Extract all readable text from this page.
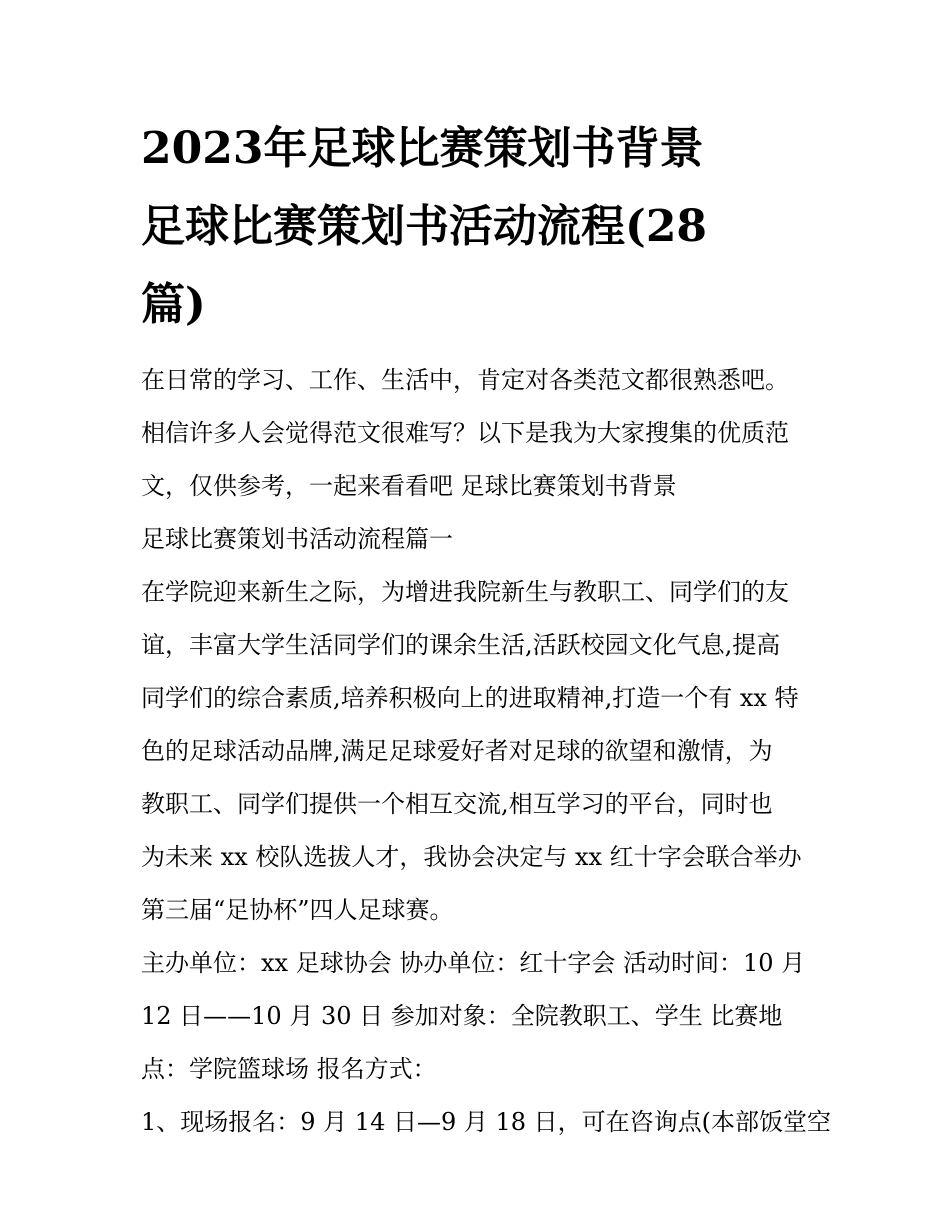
2023年足球比赛策划书背景
足球比赛策划书活动流程(28
篇)
在日常的学习、工作、生活中，肯定对各类范文都很熟悉吧。
相信许多人会觉得范文很难写？以下是我为大家搜集的优质范
文，仅供参考，一起来看看吧 足球比赛策划书背景
足球比赛策划书活动流程篇一
在学院迎来新生之际，为增进我院新生与教职工、同学们的友
谊，丰富大学生活同学们的课余生活,活跃校园文化气息,提高
同学们的综合素质,培养积极向上的进取精神,打造一个有 xx 特
色的足球活动品牌,满足足球爱好者对足球的欲望和激情，为
教职工、同学们提供一个相互交流,相互学习的平台，同时也
为未来 xx 校队选拔人才，我协会决定与 xx 红十字会联合举办
第三届“足协杯”四人足球赛。
主办单位：xx 足球协会 协办单位：红十字会 活动时间：10 月
12 日——10 月 30 日 参加对象：全院教职工、学生 比赛地
点：学院篮球场 报名方式：
1、现场报名：9 月 14 日—9 月 18 日，可在咨询点(本部饭堂空
